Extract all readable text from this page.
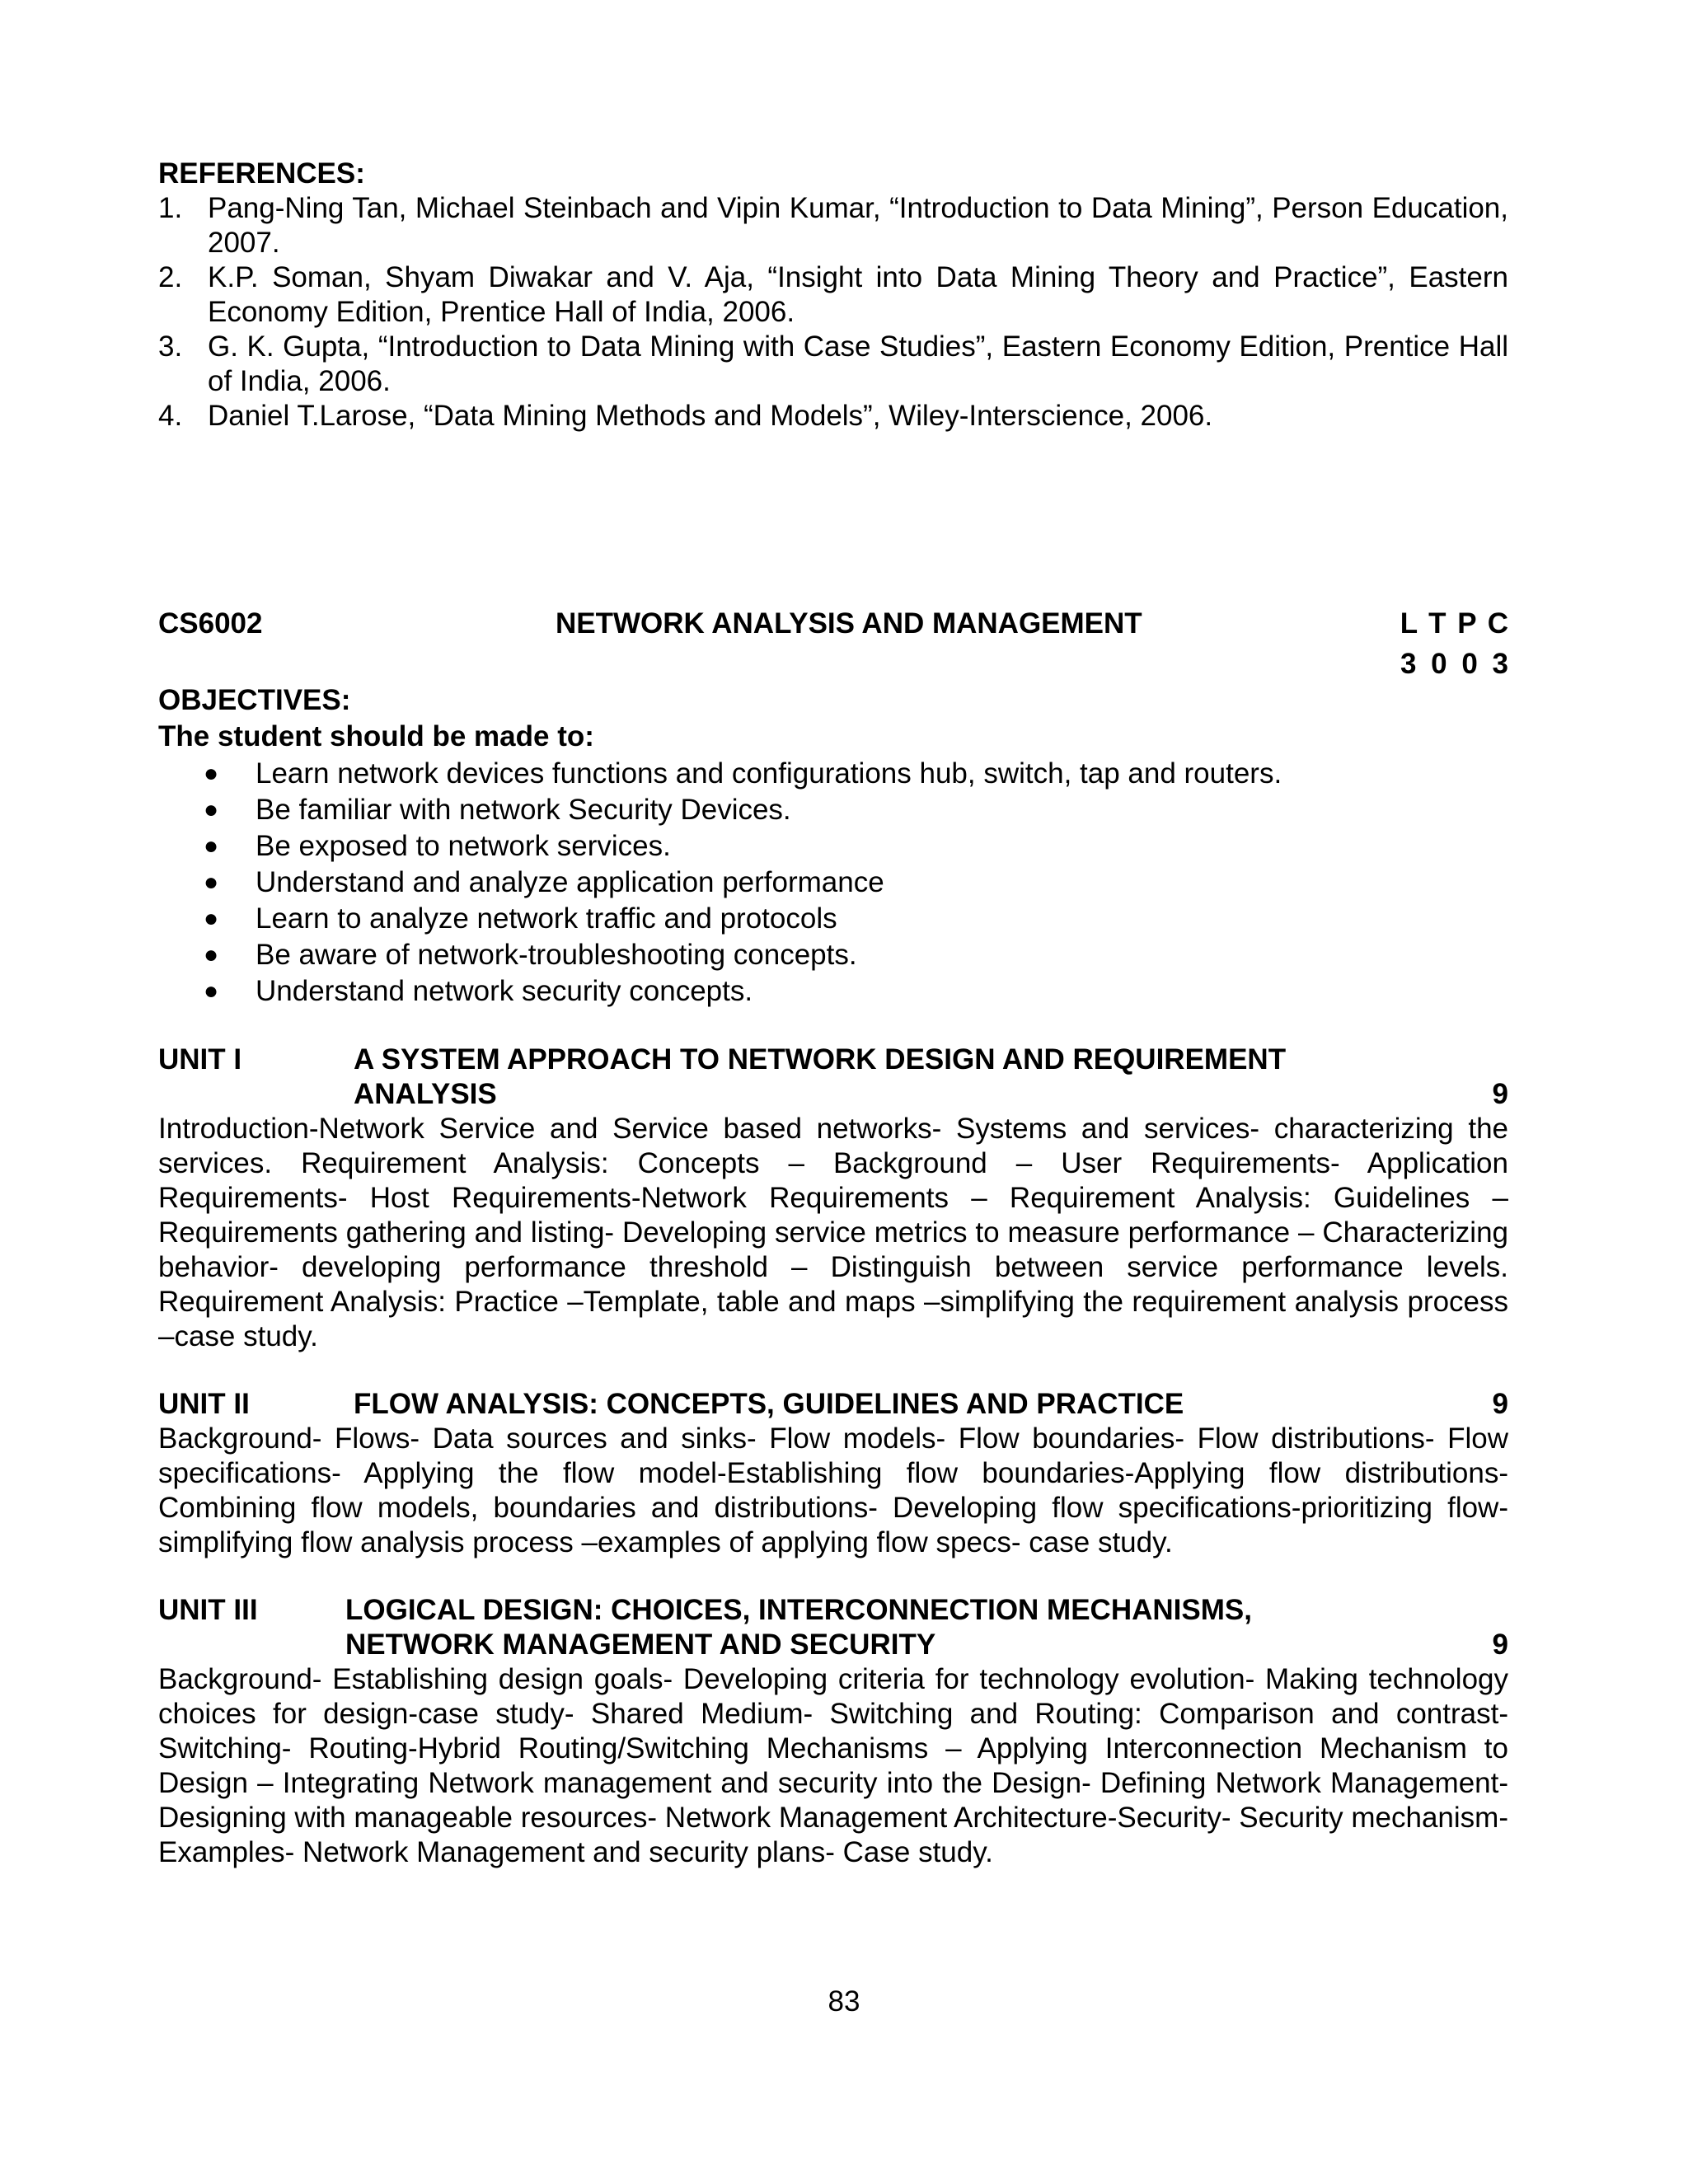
REFERENCES:
1. Pang-Ning Tan, Michael Steinbach and Vipin Kumar, “Introduction to Data Mining”, Person Education, 2007.
2. K.P. Soman, Shyam Diwakar and V. Aja, “Insight into Data Mining Theory and Practice”, Eastern Economy Edition, Prentice Hall of India, 2006.
3. G. K. Gupta, “Introduction to Data Mining with Case Studies”, Eastern Economy Edition, Prentice Hall of India, 2006.
4. Daniel T.Larose, “Data Mining Methods and Models”, Wiley-Interscience, 2006.
CS6002	NETWORK ANALYSIS AND MANAGEMENT	L T P C
3 0 0 3
OBJECTIVES:
The student should be made to:
● Learn network devices functions and configurations hub, switch, tap and routers.
● Be familiar with network Security Devices.
● Be exposed to network services.
● Understand and analyze application performance
● Learn to analyze network traffic and protocols
● Be aware of network-troubleshooting concepts.
● Understand network security concepts.
UNIT I	A SYSTEM APPROACH TO NETWORK DESIGN AND REQUIREMENT
ANALYSIS	9
Introduction-Network Service and Service based networks- Systems and services- characterizing the services. Requirement Analysis: Concepts – Background – User Requirements- Application Requirements- Host Requirements-Network Requirements – Requirement Analysis: Guidelines – Requirements gathering and listing- Developing service metrics to measure performance – Characterizing behavior- developing performance threshold – Distinguish between service performance levels. Requirement Analysis: Practice –Template, table and maps –simplifying the requirement analysis process –case study.
UNIT II	FLOW ANALYSIS: CONCEPTS, GUIDELINES AND PRACTICE	9
Background- Flows- Data sources and sinks- Flow models- Flow boundaries- Flow distributions- Flow specifications- Applying the flow model-Establishing flow boundaries-Applying flow distributions-Combining flow models, boundaries and distributions- Developing flow specifications-prioritizing flow-simplifying flow analysis process –examples of applying flow specs- case study.
UNIT III	LOGICAL DESIGN: CHOICES, INTERCONNECTION MECHANISMS,
NETWORK MANAGEMENT AND SECURITY	9
Background- Establishing design goals- Developing criteria for technology evolution- Making technology choices for design-case study- Shared Medium- Switching and Routing: Comparison and contrast- Switching- Routing-Hybrid Routing/Switching Mechanisms – Applying Interconnection Mechanism to Design – Integrating Network management and security into the Design- Defining Network Management- Designing with manageable resources- Network Management Architecture-Security- Security mechanism- Examples- Network Management and security plans- Case study.
83
